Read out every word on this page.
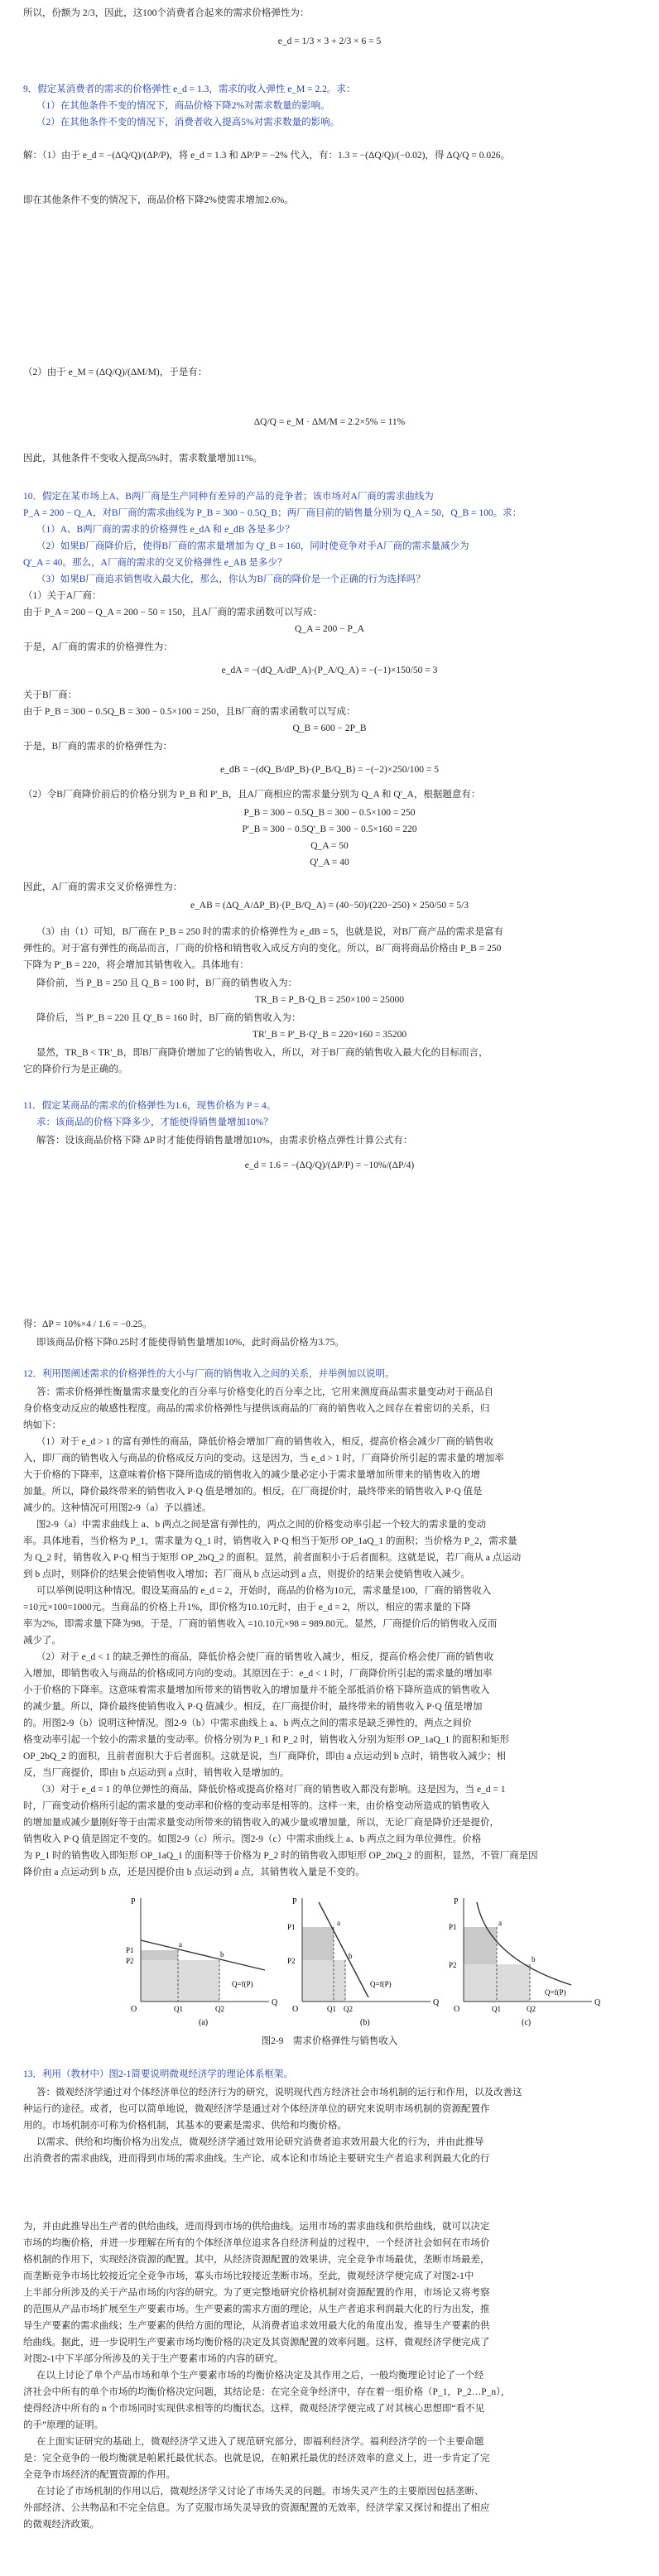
所以，份额为 2/3，因此，这100个消费者合起来的需求价格弹性为：
e_d = 1/3 × 3 + 2/3 × 6 = 5
9．假定某消费者的需求的价格弹性 e_d = 1.3，需求的收入弹性 e_M = 2.2。求：
（1）在其他条件不变的情况下，商品价格下降2%对需求数量的影响。
（2）在其他条件不变的情况下，消费者收入提高5%对需求数量的影响。
解：（1）由于 e_d = −(ΔQ/Q)/(ΔP/P)，将 e_d = 1.3 和 ΔP/P = −2% 代入，有：1.3 = −(ΔQ/Q)/(−0.02)，得 ΔQ/Q = 0.026。
即在其他条件不变的情况下，商品价格下降2%使需求增加2.6%。
（2）由于 e_M = (ΔQ/Q)/(ΔM/M)，于是有：
ΔQ/Q = e_M · ΔM/M = 2.2×5% = 11%
因此，其他条件不变收入提高5%时，需求数量增加11%。
10．假定在某市场上A、B两厂商是生产同种有差异的产品的竞争者；该市场对A厂商的需求曲线为
P_A = 200 − Q_A，对B厂商的需求曲线为 P_B = 300 − 0.5Q_B；两厂商目前的销售量分别为 Q_A = 50，Q_B = 100。求：
（1）A、B两厂商的需求的价格弹性 e_dA 和 e_dB 各是多少？
（2）如果B厂商降价后，使得B厂商的需求量增加为 Q'_B = 160，同时使竞争对手A厂商的需求量减少为
Q'_A = 40。那么，A厂商的需求的交叉价格弹性 e_AB 是多少？
（3）如果B厂商追求销售收入最大化，那么，你认为B厂商的降价是一个正确的行为选择吗？
（1）关于A厂商：
由于 P_A = 200 − Q_A = 200 − 50 = 150，且A厂商的需求函数可以写成：
Q_A = 200 − P_A
于是，A厂商的需求的价格弹性为：
e_dA = −(dQ_A/dP_A)·(P_A/Q_A) = −(−1)×150/50 = 3
关于B厂商：
由于 P_B = 300 − 0.5Q_B = 300 − 0.5×100 = 250，且B厂商的需求函数可以写成：
Q_B = 600 − 2P_B
于是，B厂商的需求的价格弹性为：
e_dB = −(dQ_B/dP_B)·(P_B/Q_B) = −(−2)×250/100 = 5
（2）令B厂商降价前后的价格分别为 P_B 和 P'_B，且A厂商相应的需求量分别为 Q_A 和 Q'_A，根据题意有：
P_B = 300 − 0.5Q_B = 300 − 0.5×100 = 250
P'_B = 300 − 0.5Q'_B = 300 − 0.5×160 = 220
Q_A = 50
Q'_A = 40
因此，A厂商的需求交叉价格弹性为：
e_AB = (ΔQ_A/ΔP_B)·(P_B/Q_A) = (40−50)/(220−250) × 250/50 = 5/3
（3）由（1）可知，B厂商在 P_B = 250 时的需求的价格弹性为 e_dB = 5，也就是说，对B厂商产品的需求是富有
弹性的。对于富有弹性的商品而言，厂商的价格和销售收入成反方向的变化。所以，B厂商将商品价格由 P_B = 250
下降为 P'_B = 220，将会增加其销售收入。具体地有：
降价前，当 P_B = 250 且 Q_B = 100 时，B厂商的销售收入为：
TR_B = P_B·Q_B = 250×100 = 25000
降价后，当 P'_B = 220 且 Q'_B = 160 时，B厂商的销售收入为：
TR'_B = P'_B·Q'_B = 220×160 = 35200
显然，TR_B < TR'_B，即B厂商降价增加了它的销售收入，所以，对于B厂商的销售收入最大化的目标而言，
它的降价行为是正确的。
11．假定某商品的需求的价格弹性为1.6，现售价格为 P = 4。
求：该商品的价格下降多少，才能使得销售量增加10%？
解答：设该商品价格下降 ΔP 时才能使得销售量增加10%，由需求价格点弹性计算公式有：
e_d = 1.6 = −(ΔQ/Q)/(ΔP/P) = −10%/(ΔP/4)
得：ΔP = 10%×4 / 1.6 = −0.25。
即该商品价格下降0.25时才能使得销售量增加10%，此时商品价格为3.75。
12．利用图阐述需求的价格弹性的大小与厂商的销售收入之间的关系，并举例加以说明。
答：需求价格弹性衡量需求量变化的百分率与价格变化的百分率之比，它用来测度商品需求量变动对于商品自
身价格变动反应的敏感性程度。商品的需求价格弹性与提供该商品的厂商的销售收入之间存在着密切的关系，归
纳如下：
（1）对于 e_d > 1 的富有弹性的商品，降低价格会增加厂商的销售收入，相反，提高价格会减少厂商的销售收
入，即厂商的销售收入与商品的价格成反方向的变动。这是因为，当 e_d > 1 时，厂商降价所引起的需求量的增加率
大于价格的下降率，这意味着价格下降所造成的销售收入的减少量必定小于需求量增加所带来的销售收入的增
加量。所以，降价最终带来的销售收入 P·Q 值是增加的。相反，在厂商提价时，最终带来的销售收入 P·Q 值是
减少的。这种情况可用图2-9（a）予以描述。
图2-9（a）中需求曲线上 a、b 两点之间是富有弹性的，两点之间的价格变动率引起一个较大的需求量的变动
率。具体地看，当价格为 P_1，需求量为 Q_1 时，销售收入 P·Q 相当于矩形 OP_1aQ_1 的面积；当价格为 P_2，需求量
为 Q_2 时，销售收入 P·Q 相当于矩形 OP_2bQ_2 的面积。显然，前者面积小于后者面积。这就是说，若厂商从 a 点运动
到 b 点时，则降价的结果会使销售收入增加；若厂商从 b 点运动到 a 点，则提价的结果会使销售收入减少。
可以举例说明这种情况。假设某商品的 e_d = 2，开始时，商品的价格为10元，需求量是100，厂商的销售收入
=10元×100=1000元。当商品的价格上升1%，即价格为10.10元时，由于 e_d = 2，所以，相应的需求量的下降
率为2%，即需求量下降为98。于是，厂商的销售收入 =10.10元×98 = 989.80元。显然，厂商提价后的销售收入反而
减少了。
（2）对于 e_d < 1 的缺乏弹性的商品，降低价格会使厂商的销售收入减少，相反，提高价格会使厂商的销售收
入增加，即销售收入与商品的价格成同方向的变动。其原因在于：e_d < 1 时，厂商降价所引起的需求量的增加率
小于价格的下降率。这意味着需求量增加所带来的销售收入的增加量并不能全部抵消价格下降所造成的销售收入
的减少量。所以，降价最终使销售收入 P·Q 值减少。相反，在厂商提价时，最终带来的销售收入 P·Q 值是增加
的。用图2-9（b）说明这种情况。图2-9（b）中需求曲线上 a、b 两点之间的需求是缺乏弹性的，两点之间价
格变动率引起一个较小的需求量的变动率。价格分别为 P_1 和 P_2 时，销售收入分别为矩形 OP_1aQ_1 的面积和矩形
OP_2bQ_2 的面积，且前者面积大于后者面积。这就是说，当厂商降价，即由 a 点运动到 b 点时，销售收入减少；相
反，当厂商提价，即由 b 点运动到 a 点时，销售收入是增加的。
（3）对于 e_d = 1 的单位弹性的商品，降低价格或提高价格对厂商的销售收入都没有影响。这是因为，当 e_d = 1
时，厂商变动价格所引起的需求量的变动率和价格的变动率是相等的。这样一来，由价格变动所造成的销售收入
的增加量或减少量刚好等于由需求量变动所带来的销售收入的减少量或增加量，所以，无论厂商是降价还是提价，
销售收入 P·Q 值是固定不变的。如图2-9（c）所示。图2-9（c）中需求曲线上 a、b 两点之间为单位弹性。价格
为 P_1 时的销售收入即矩形 OP_1aQ_1 的面积等于价格为 P_2 时的销售收入即矩形 OP_2bQ_2 的面积，显然，不管厂商是因
降价由 a 点运动到 b 点，还是因提价由 b 点运动到 a 点，其销售收入量是不变的。
P
Q
O
P1
P2
Q1	Q2
a
b
Q=f(P)
(a)
P
Q
O
P1
P2
Q1 Q2
a
b
Q=f(P)
(b)
P
Q
O
P1
P2
Q1	Q2
a
b
Q=f(P)
(c)
图2-9　需求价格弹性与销售收入
13．利用（教材中）图2-1简要说明微观经济学的理论体系框架。
答：微观经济学通过对个体经济单位的经济行为的研究，说明现代西方经济社会市场机制的运行和作用，以及改善这
种运行的途径。或者，也可以简单地说，微观经济学是通过对个体经济单位的研究来说明市场机制的资源配置作
用的。市场机制亦可称为价格机制，其基本的要素是需求、供给和均衡价格。
以需求、供给和均衡价格为出发点，微观经济学通过效用论研究消费者追求效用最大化的行为，并由此推导
出消费者的需求曲线，进而得到市场的需求曲线。生产论、成本论和市场论主要研究生产者追求利润最大化的行
为，并由此推导出生产者的供给曲线，进而得到市场的供给曲线。运用市场的需求曲线和供给曲线，就可以决定
市场的均衡价格，并进一步理解在所有的个体经济单位追求各自经济利益的过程中，一个经济社会如何在市场价
格机制的作用下，实现经济资源的配置。其中，从经济资源配置的效果讲，完全竞争市场最优，垄断市场最差，
而垄断竞争市场比较接近完全竞争市场，寡头市场比较接近垄断市场。至此，微观经济学便完成了对图2-1中
上半部分所涉及的关于产品市场的内容的研究。为了更完整地研究价格机制对资源配置的作用，市场论又将考察
的范围从产品市场扩展至生产要素市场。生产要素的需求方面的理论，从生产者追求利润最大化的行为出发，推
导生产要素的需求曲线；生产要素的供给方面的理论，从消费者追求效用最大化的角度出发，推导生产要素的供
给曲线。据此，进一步说明生产要素市场均衡价格的决定及其资源配置的效率问题。这样，微观经济学便完成了
对图2-1中下半部分所涉及的关于生产要素市场的内容的研究。
在以上讨论了单个产品市场和单个生产要素市场的均衡价格决定及其作用之后，一般均衡理论讨论了一个经
济社会中所有的单个市场的均衡价格决定问题，其结论是：在完全竞争经济中，存在着一组价格（P_1，P_2…P_n），
使得经济中所有的 n 个市场同时实现供求相等的均衡状态。这样，微观经济学便完成了对其核心思想即“看不见
的手”原理的证明。
在上面实证研究的基础上，微观经济学又进入了规范研究部分，即福利经济学。福利经济学的一个主要命题
是：完全竞争的一般均衡就是帕累托最优状态。也就是说，在帕累托最优的经济效率的意义上，进一步肯定了完
全竞争市场经济的配置资源的作用。
在讨论了市场机制的作用以后，微观经济学又讨论了市场失灵的问题。市场失灵产生的主要原因包括垄断、
外部经济、公共物品和不完全信息。为了克服市场失灵导致的资源配置的无效率，经济学家又探讨和提出了相应
的微观经济政策。
